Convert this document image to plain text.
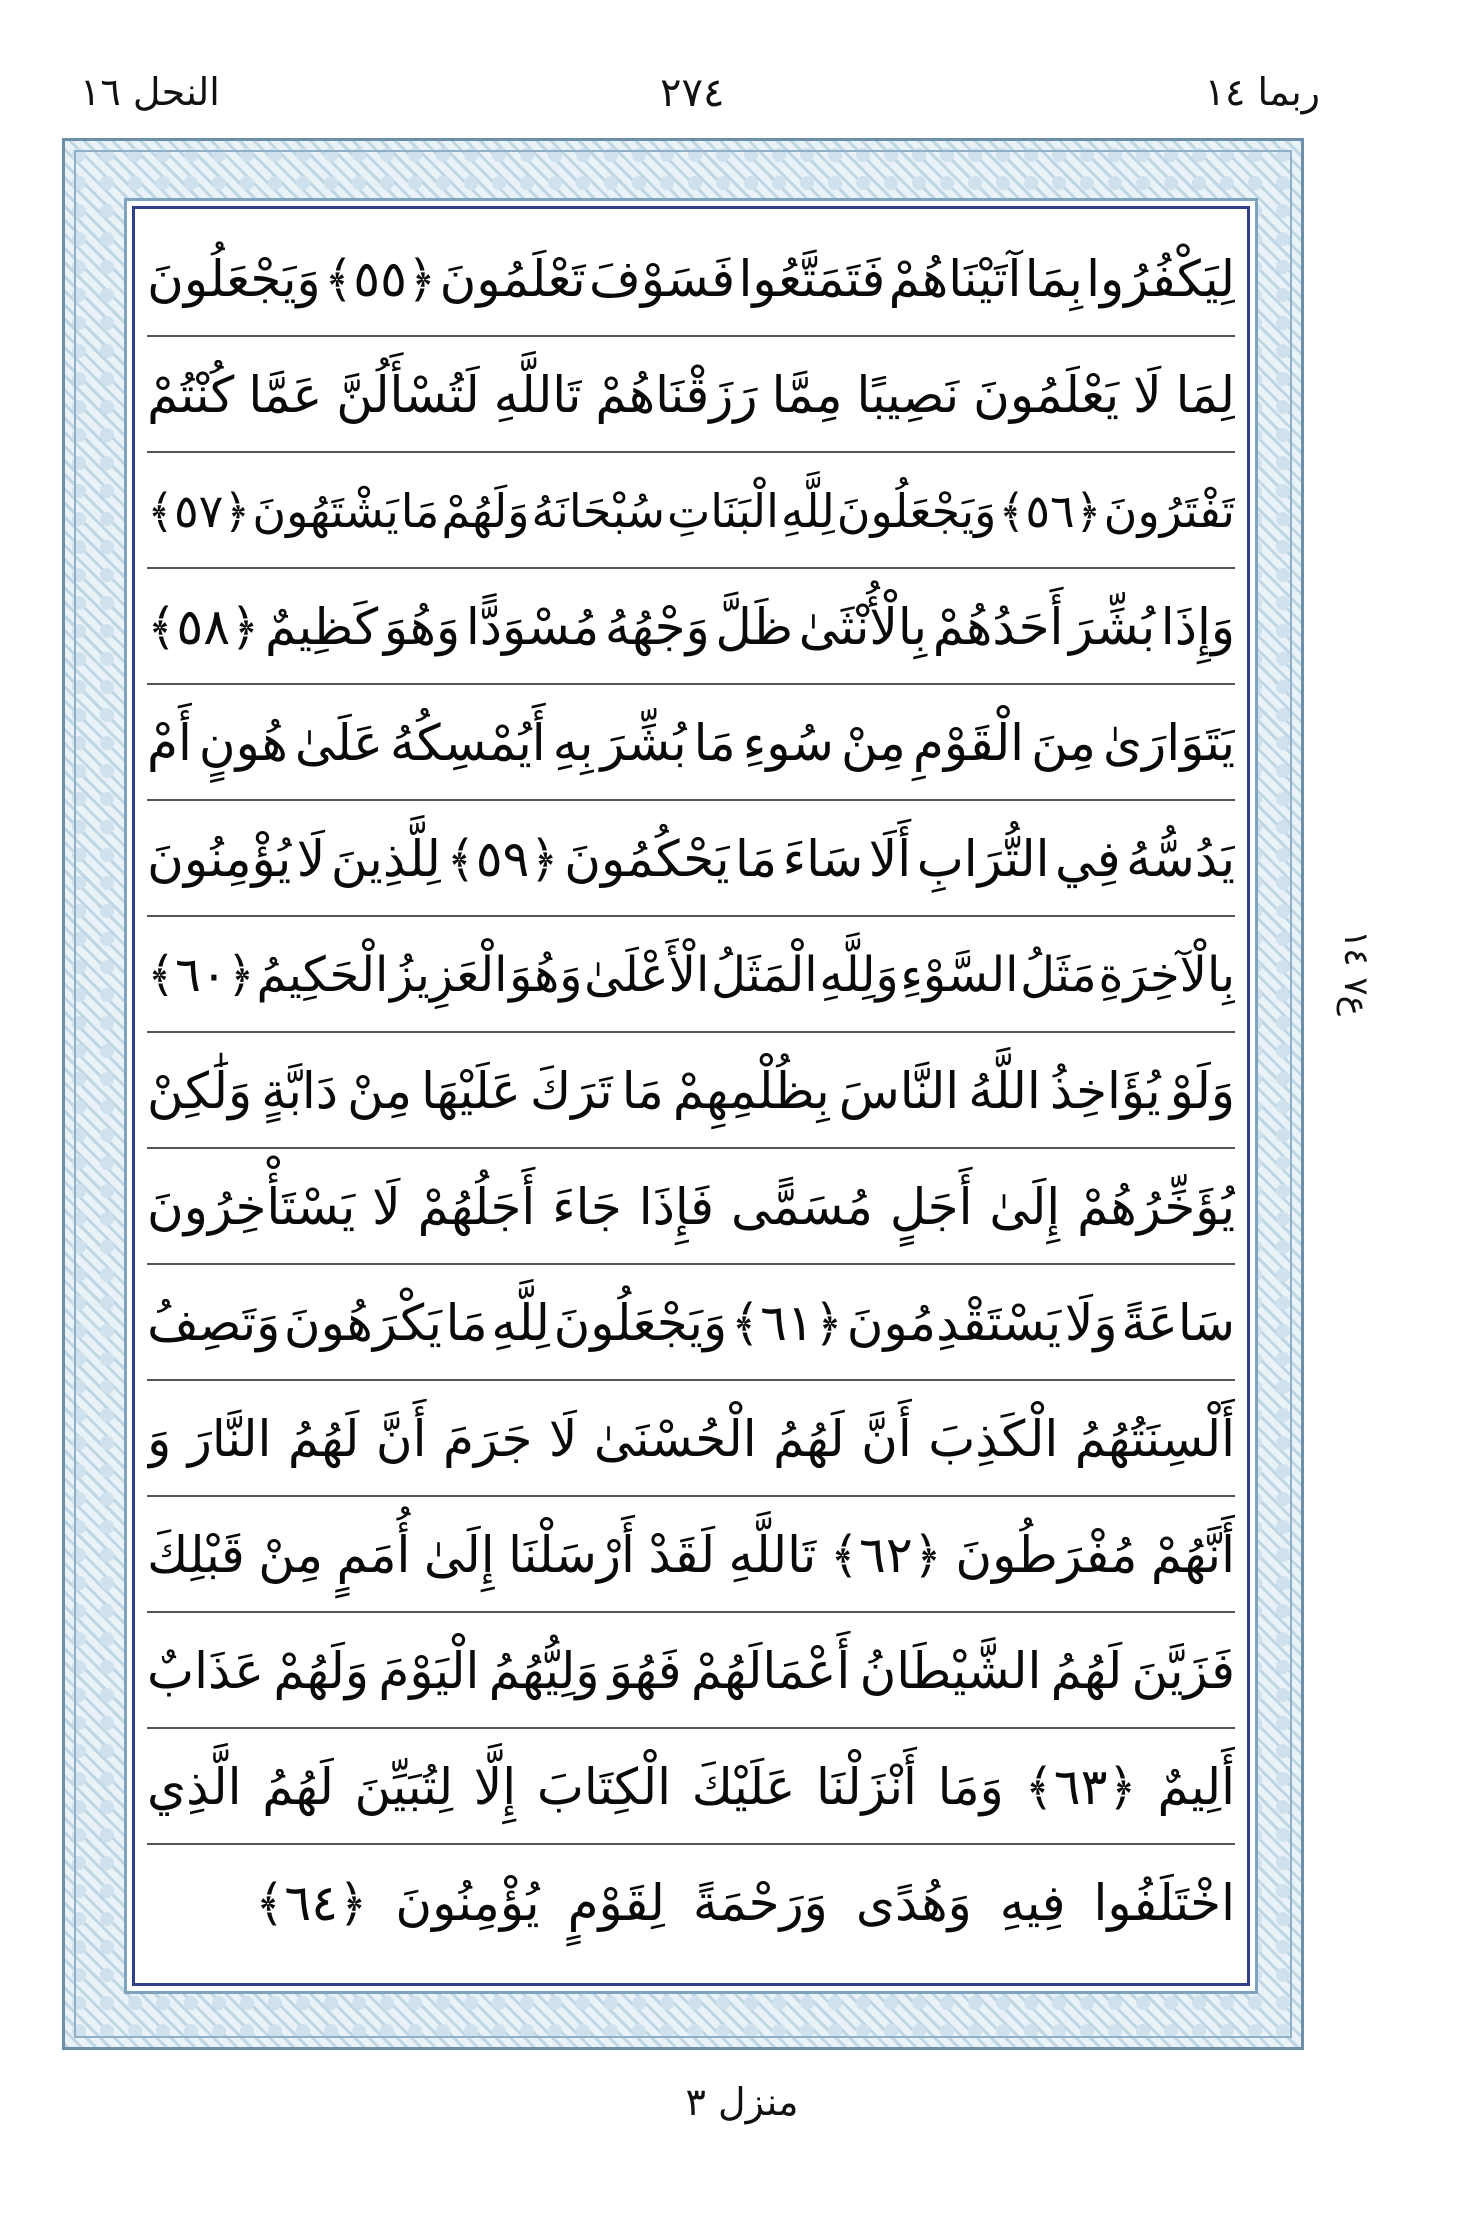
النحل ١٦	٢٧٤	ربما ١٤
لِيَكْفُرُوا
بِمَا
آتَيْنَاهُمْ
فَتَمَتَّعُوا
فَسَوْفَ
تَعْلَمُونَ
﴿٥٥﴾
وَيَجْعَلُونَ
لِمَا
لَا
يَعْلَمُونَ
نَصِيبًا
مِمَّا
رَزَقْنَاهُمْ
تَاللَّهِ
لَتُسْأَلُنَّ
عَمَّا
كُنْتُمْ
تَفْتَرُونَ
﴿٥٦﴾
وَيَجْعَلُونَ
لِلَّهِ
الْبَنَاتِ
سُبْحَانَهُ
وَلَهُمْ
مَا
يَشْتَهُونَ
﴿٥٧﴾
وَإِذَا
بُشِّرَ
أَحَدُهُمْ
بِالْأُنْثَىٰ
ظَلَّ
وَجْهُهُ
مُسْوَدًّا
وَهُوَ
كَظِيمٌ
﴿٥٨﴾
يَتَوَارَىٰ
مِنَ
الْقَوْمِ
مِنْ
سُوءِ
مَا
بُشِّرَ
بِهِ
أَيُمْسِكُهُ
عَلَىٰ
هُونٍ
أَمْ
يَدُسُّهُ
فِي
التُّرَابِ
أَلَا
سَاءَ
مَا
يَحْكُمُونَ
﴿٥٩﴾
لِلَّذِينَ
لَا
يُؤْمِنُونَ
بِالْآخِرَةِ
مَثَلُ
السَّوْءِ
وَلِلَّهِ
الْمَثَلُ
الْأَعْلَىٰ
وَهُوَ
الْعَزِيزُ
الْحَكِيمُ
﴿٦٠﴾
وَلَوْ
يُؤَاخِذُ
اللَّهُ
النَّاسَ
بِظُلْمِهِمْ
مَا
تَرَكَ
عَلَيْهَا
مِنْ
دَابَّةٍ
وَلَٰكِنْ
يُؤَخِّرُهُمْ
إِلَىٰ
أَجَلٍ
مُسَمًّى
فَإِذَا
جَاءَ
أَجَلُهُمْ
لَا
يَسْتَأْخِرُونَ
سَاعَةً
وَلَا
يَسْتَقْدِمُونَ
﴿٦١﴾
وَيَجْعَلُونَ
لِلَّهِ
مَا
يَكْرَهُونَ
وَتَصِفُ
أَلْسِنَتُهُمُ
الْكَذِبَ
أَنَّ
لَهُمُ
الْحُسْنَىٰ
لَا
جَرَمَ
أَنَّ
لَهُمُ
النَّارَ
وَ
أَنَّهُمْ
مُفْرَطُونَ
﴿٦٢﴾
تَاللَّهِ
لَقَدْ
أَرْسَلْنَا
إِلَىٰ
أُمَمٍ
مِنْ
قَبْلِكَ
فَزَيَّنَ
لَهُمُ
الشَّيْطَانُ
أَعْمَالَهُمْ
فَهُوَ
وَلِيُّهُمُ
الْيَوْمَ
وَلَهُمْ
عَذَابٌ
أَلِيمٌ
﴿٦٣﴾
وَمَا
أَنْزَلْنَا
عَلَيْكَ
الْكِتَابَ
إِلَّا
لِتُبَيِّنَ
لَهُمُ
الَّذِي
اخْتَلَفُوا
فِيهِ
وَهُدًى
وَرَحْمَةً
لِقَوْمٍ
يُؤْمِنُونَ
﴿٦٤﴾
ع٧ ١٤
منزل ٣
